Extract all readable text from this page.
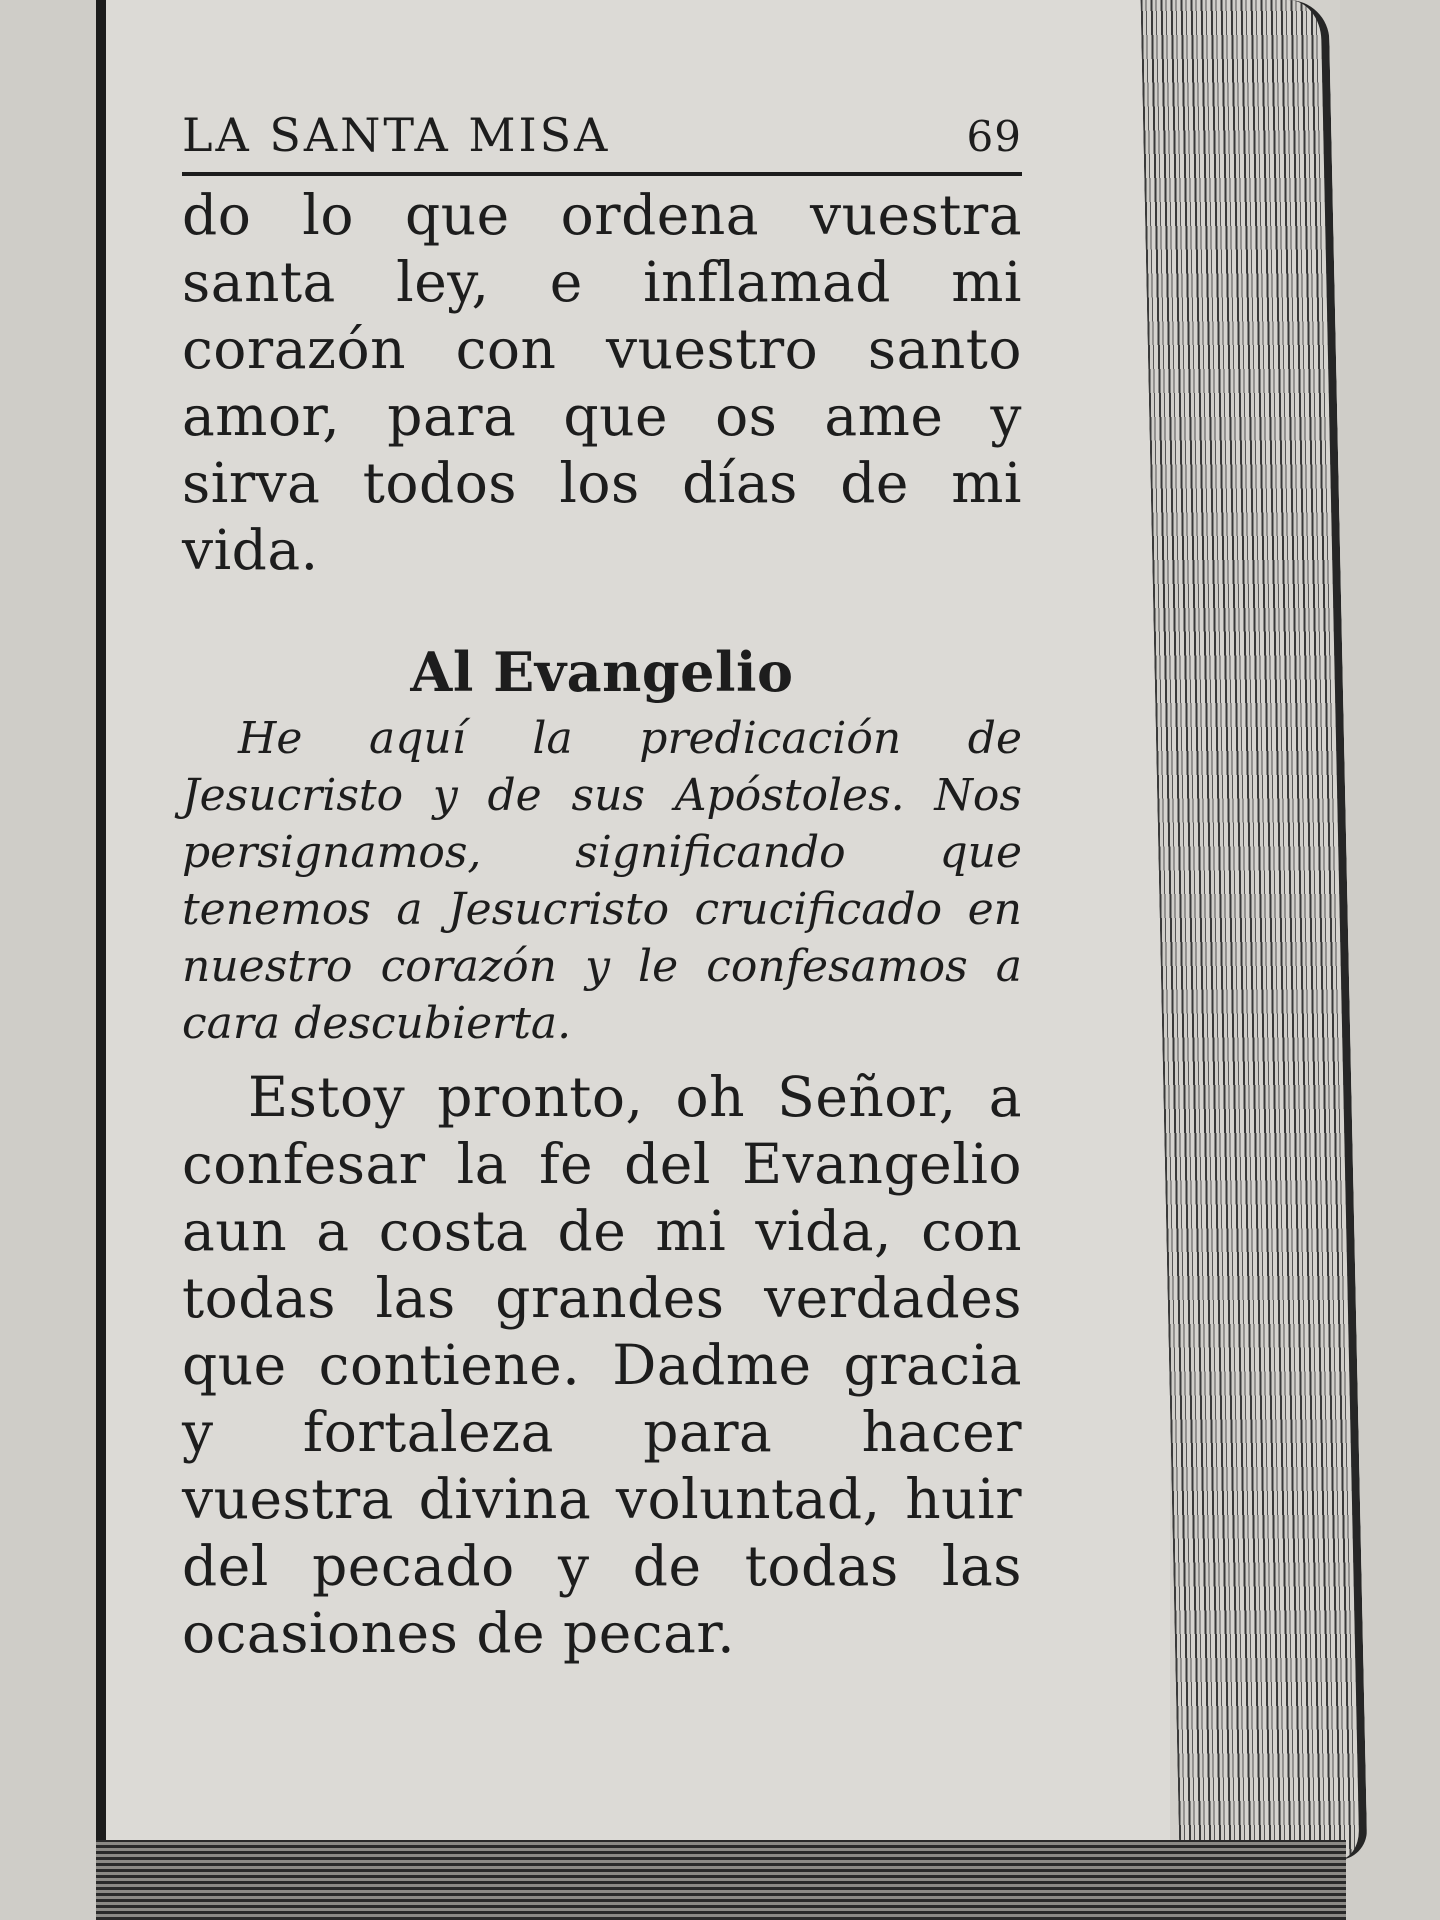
LA SANTA MISA	69

do lo que ordena vuestra santa ley, e inflamad mi corazón con vuestro santo amor, para que os ame y sirva todos los días de mi vida.

Al Evangelio

He aquí la predicación de Jesucristo y de sus Apóstoles. Nos persignamos, significando que tenemos a Jesucristo crucificado en nuestro corazón y le confesamos a cara descubierta.

Estoy pronto, oh Señor, a confesar la fe del Evangelio aun a costa de mi vida, con todas las grandes verdades que contiene. Dadme gracia y fortaleza para hacer vuestra divina voluntad, huir del pecado y de todas las ocasiones de pecar.
